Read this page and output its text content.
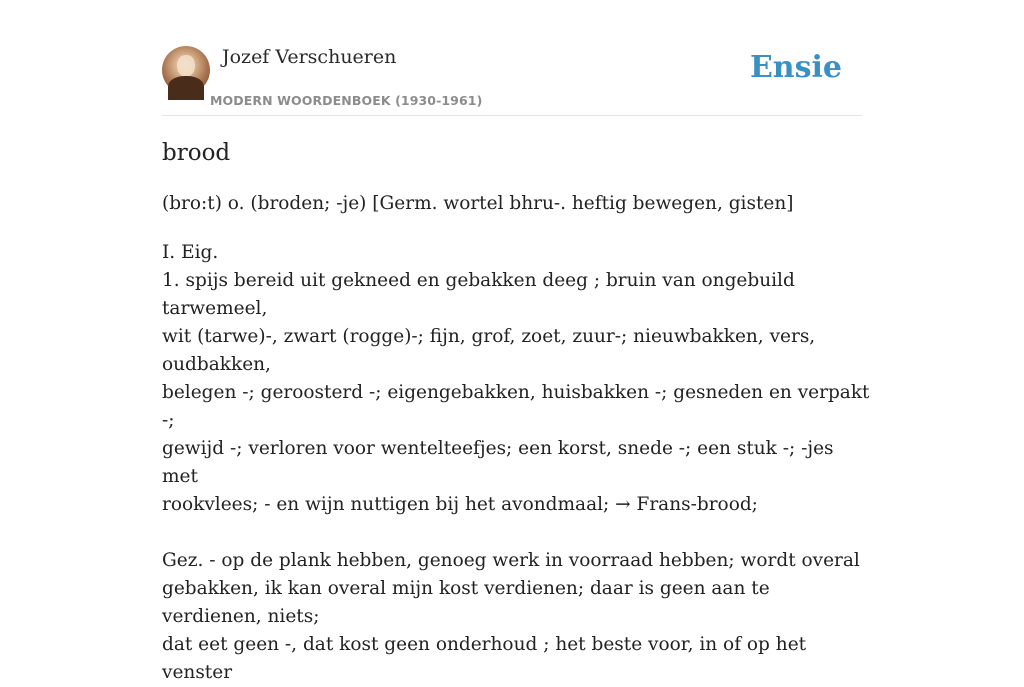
Jozef Verschueren
MODERN WOORDENBOEK (1930-1961)
Ensie
brood
(bro:t) o. (broden; -je) [Germ. wortel bhru-. heftig bewegen, gisten]

I. Eig.

1. spijs bereid uit gekneed en gebakken deeg ; bruin van ongebuild tarwemeel,

wit (tarwe)-, zwart (rogge)-; fijn, grof, zoet, zuur-; nieuwbakken, vers, oudbakken,

belegen -; geroosterd -; eigengebakken, huisbakken -; gesneden en verpakt -;

gewijd -; verloren voor wentelteefjes; een korst, snede -; een stuk -; -jes met

rookvlees; - en wijn nuttigen bij het avondmaal; → Frans-brood;

Gez. - op de plank hebben, genoeg werk in voorraad hebben; wordt overal

gebakken, ik kan overal mijn kost verdienen; daar is geen aan te verdienen, niets;

dat eet geen -, dat kost geen onderhoud ; het beste voor, in of op het venster
